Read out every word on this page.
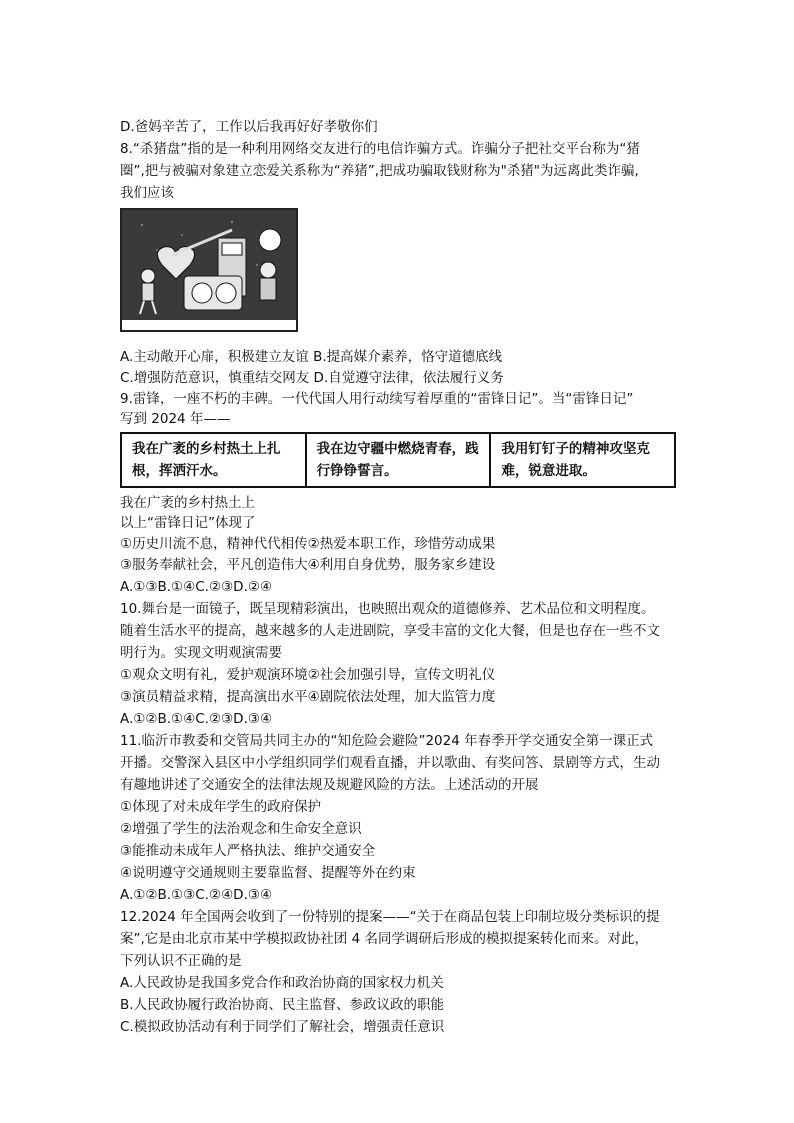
D.爸妈辛苦了，工作以后我再好好孝敬你们
8.“杀猪盘”指的是一种利用网络交友进行的电信诈骗方式。诈骗分子把社交平台称为“猪
圈”,把与被骗对象建立恋爱关系称为“养猪”,把成功骗取钱财称为"杀猪"为远离此类诈骗,
我们应该
A.主动敞开心扉，积极建立友谊 B.提高媒介素养，恪守道德底线
C.增强防范意识，慎重结交网友 D.自觉遵守法律，依法履行义务
9.雷锋，一座不朽的丰碑。一代代国人用行动续写着厚重的“雷锋日记”。当“雷锋日记”
写到 2024 年——
我在广袤的乡村热土上扎根，挥洒汗水。
我在边守疆中燃烧青春，践行铮铮誓言。
我用钉钉子的精神攻坚克难，锐意进取。
我在广袤的乡村热土上
以上“雷锋日记”体现了
①历史川流不息，精神代代相传②热爱本职工作，珍惜劳动成果
③服务奉献社会，平凡创造伟大④利用自身优势，服务家乡建设
A.①③B.①④C.②③D.②④
10.舞台是一面镜子，既呈现精彩演出，也映照出观众的道德修养、艺术品位和文明程度。
随着生活水平的提高，越来越多的人走进剧院，享受丰富的文化大餐，但是也存在一些不文
明行为。实现文明观演需要
①观众文明有礼，爱护观演环境②社会加强引导，宣传文明礼仪
③演员精益求精，提高演出水平④剧院依法处理，加大监管力度
A.①②B.①④C.②③D.③④
11.临沂市教委和交管局共同主办的“知危险会避险”2024 年春季开学交通安全第一课正式
开播。交警深入县区中小学组织同学们观看直播，并以歌曲、有奖问答、景剧等方式，生动
有趣地讲述了交通安全的法律法规及规避风险的方法。上述活动的开展
①体现了对未成年学生的政府保护
②增强了学生的法治观念和生命安全意识
③能推动未成年人严格执法、维护交通安全
④说明遵守交通规则主要靠监督、提醒等外在约束
A.①②B.①③C.②④D.③④
12.2024 年全国两会收到了一份特别的提案——“关于在商品包装上印制垃圾分类标识的提
案”,它是由北京市某中学模拟政协社团 4 名同学调研后形成的模拟提案转化而来。对此，
下列认识不正确的是
A.人民政协是我国多党合作和政治协商的国家权力机关
B.人民政协履行政治协商、民主监督、参政议政的职能
C.模拟政协活动有利于同学们了解社会，增强责任意识
